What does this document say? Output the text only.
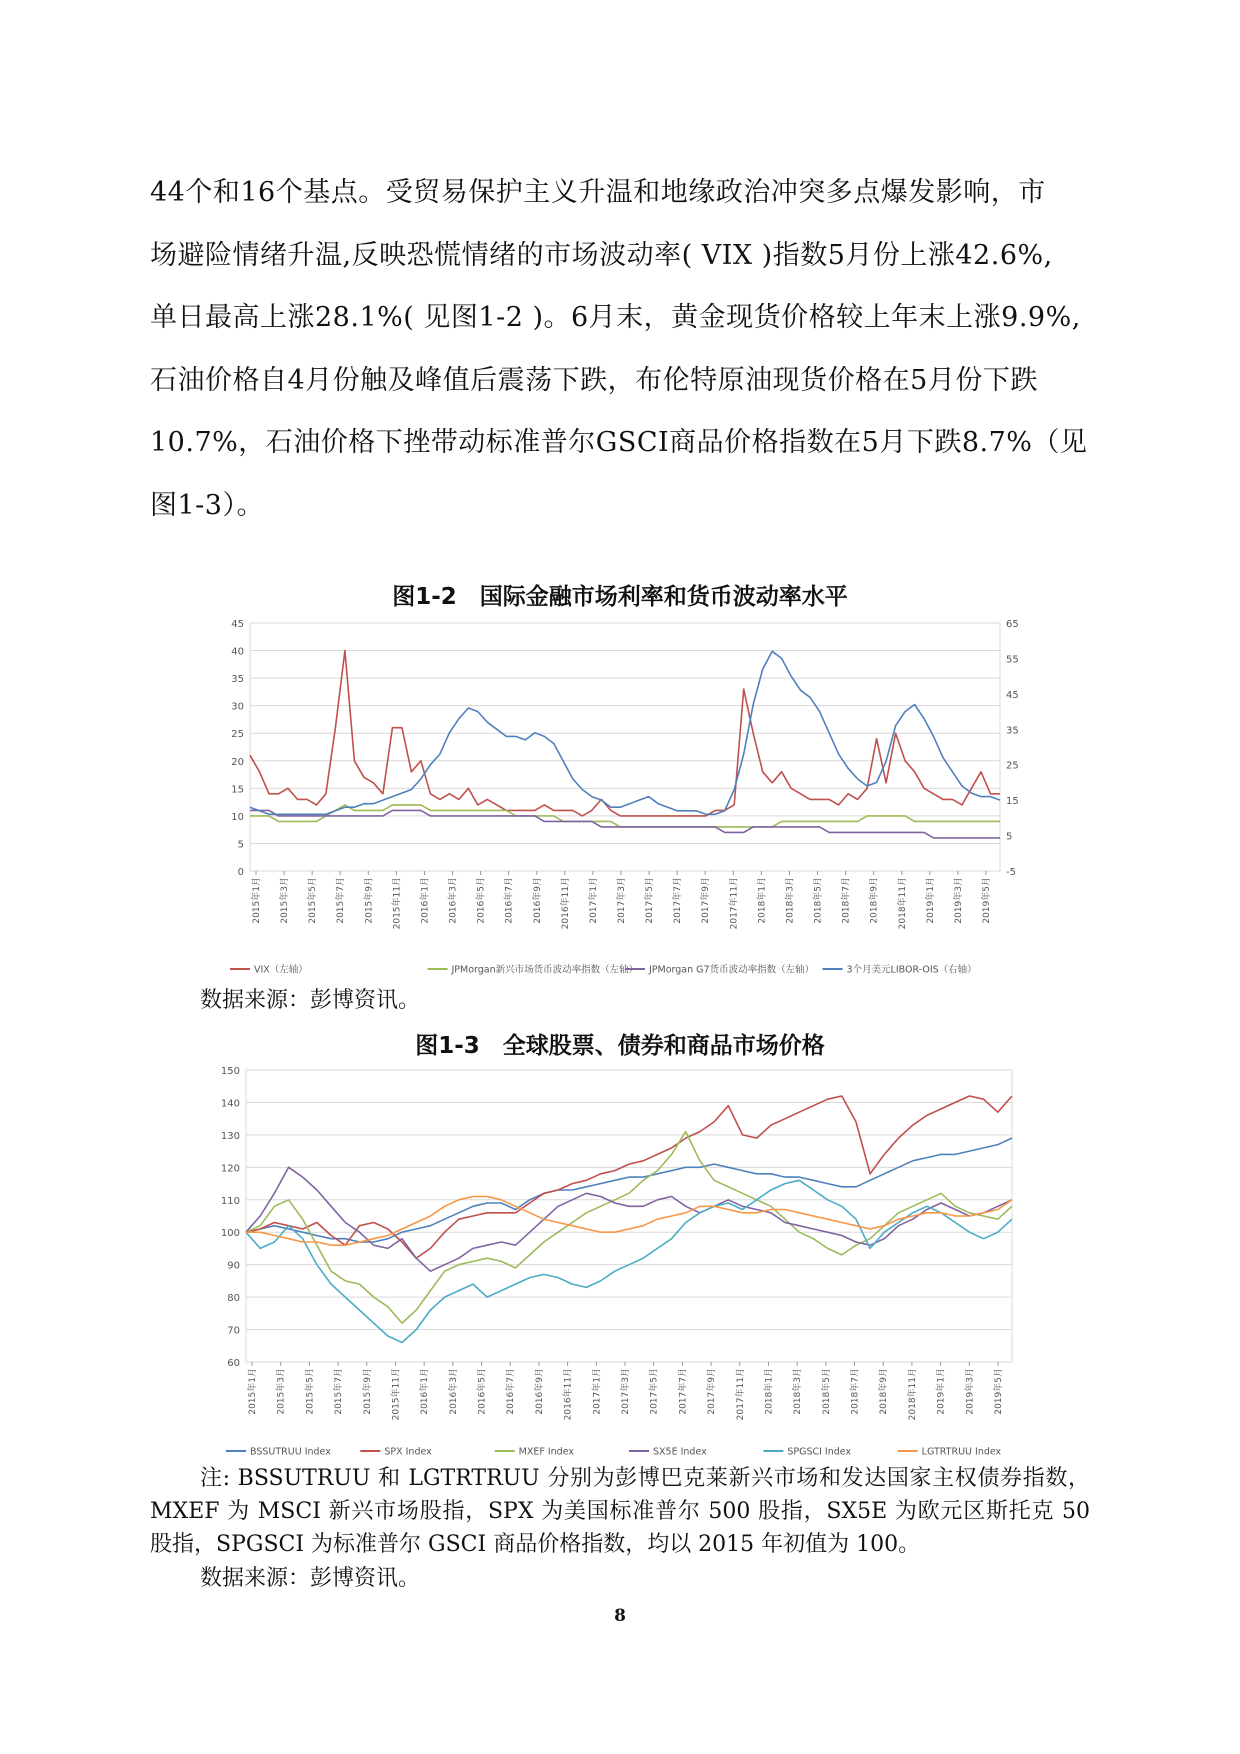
44个和16个基点。受贸易保护主义升温和地缘政治冲突多点爆发影响，市

场避险情绪升温,反映恐慌情绪的市场波动率( VIX )指数5月份上涨42.6%,

单日最高上涨28.1%( 见图1-2 )。6月末，黄金现货价格较上年末上涨9.9%,

石油价格自4月份触及峰值后震荡下跌，布伦特原油现货价格在5月份下跌

10.7%，石油价格下挫带动标准普尔GSCI商品价格指数在5月下跌8.7%（见

图1-3）。

图1-2　国际金融市场利率和货币波动率水平
0
5
10
15
20
25
30
35
40
45
-5
5
15
25
35
45
55
65
2015年1月 2015年3月 2015年5月 2015年7月 2015年9月 2015年11月 2016年1月 2016年3月 2016年5月 2016年7月 2016年9月 2016年11月 2017年1月 2017年3月 2017年5月 2017年7月 2017年9月 2017年11月 2018年1月 2018年3月 2018年5月 2018年7月 2018年9月 2018年11月 2019年1月 2019年3月 2019年5月
VIX（左轴）	JPMorgan新兴市场货币波动率指数（左轴） JPMorgan G7货币波动率指数（左轴）	3个月美元LIBOR-OIS（右轴）
数据来源：彭博资讯。
图1-3　全球股票、债券和商品市场价格
60
70
80
90
100
110
120
130
140
150
2015年1月 2015年3月 2015年5月 2015年7月 2015年9月 2015年11月 2016年1月 2016年3月 2016年5月 2016年7月 2016年9月 2016年11月 2017年1月 2017年3月 2017年5月 2017年7月 2017年9月 2017年11月 2018年1月 2018年3月 2018年5月 2018年7月 2018年9月 2018年11月 2019年1月 2019年3月 2019年5月
BSSUTRUU Index	SPX Index	MXEF Index	SX5E Index	SPGSCI Index	LGTRTRUU Index

注: BSSUTRUU 和 LGTRTRUU 分别为彭博巴克莱新兴市场和发达国家主权债券指数，MXEF 为 MSCI 新兴市场股指，SPX 为美国标准普尔 500 股指，SX5E 为欧元区斯托克 50 股指，SPGSCI 为标准普尔 GSCI 商品价格指数，均以 2015 年初值为 100。

数据来源：彭博资讯。
8
